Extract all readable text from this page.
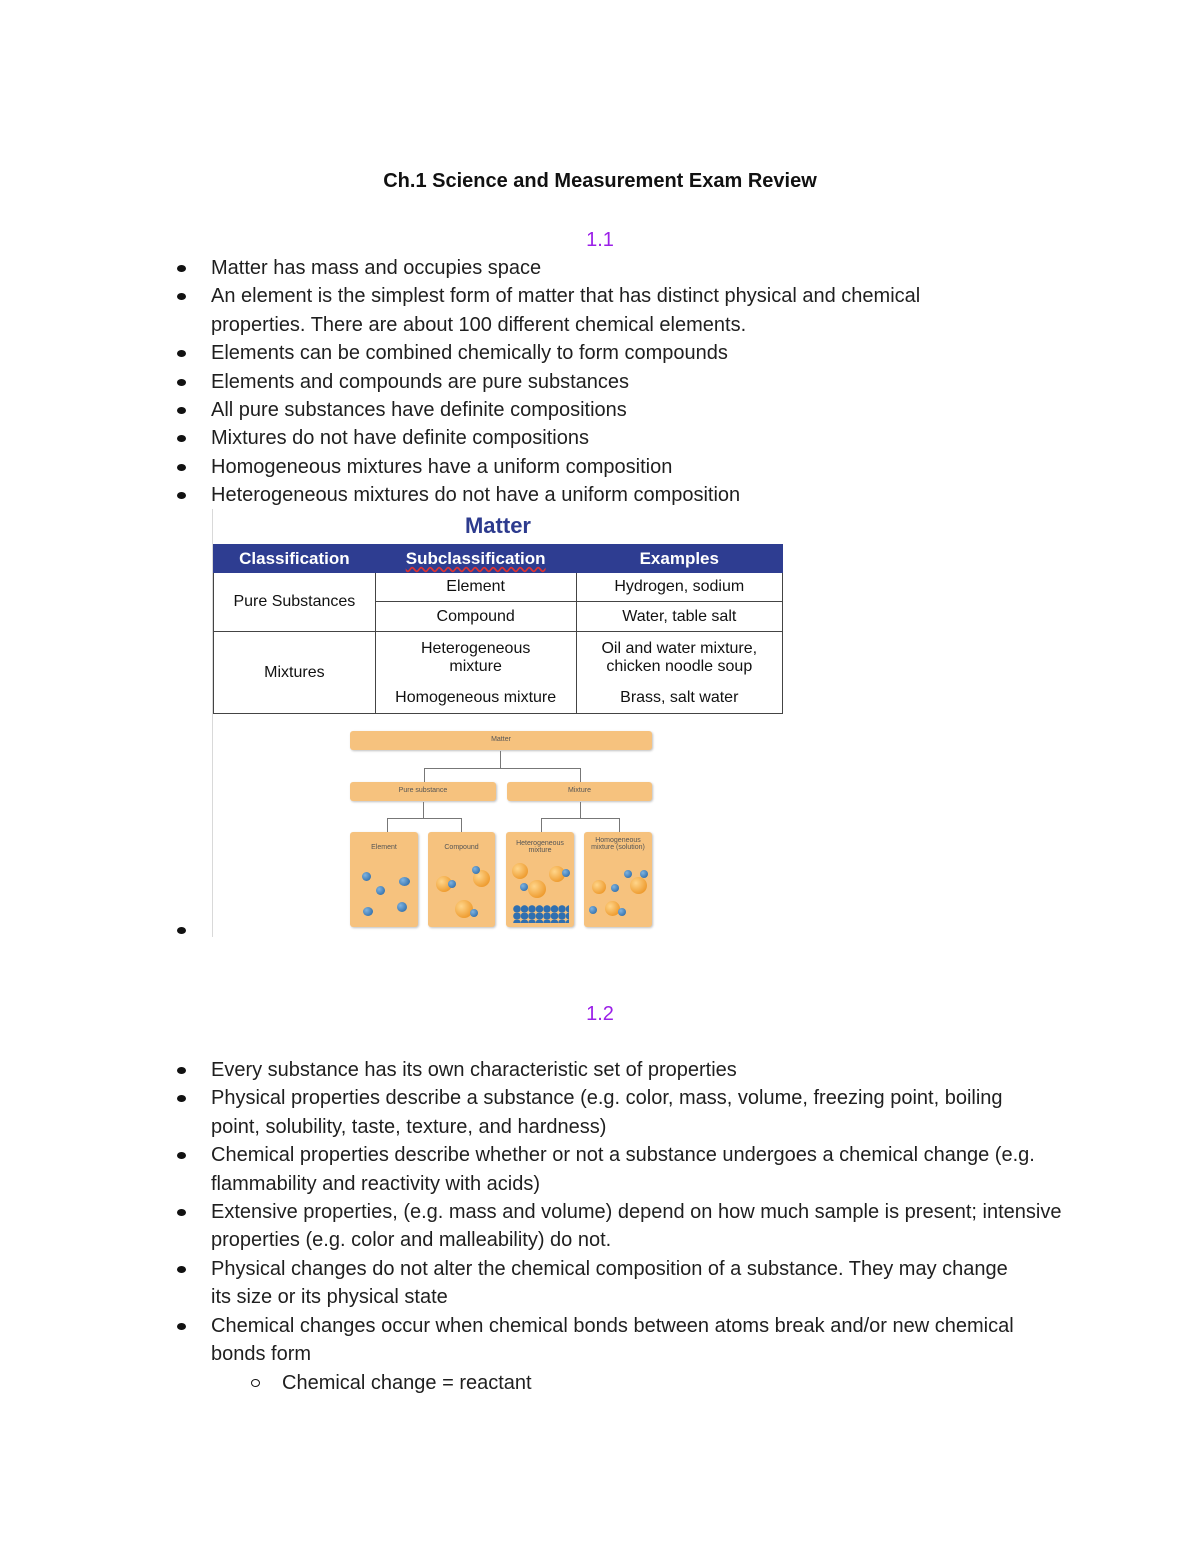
Ch.1 Science and Measurement Exam Review
1.1
Matter has mass and occupies space
An element is the simplest form of matter that has distinct physical and chemical properties. There are about 100 different chemical elements.
Elements can be combined chemically to form compounds
Elements and compounds are pure substances
All pure substances have definite compositions
Mixtures do not have definite compositions
Homogeneous mixtures have a uniform composition
Heterogeneous mixtures do not have a uniform composition
Matter
Classification	Subclassification	Examples
Pure Substances	Element	Hydrogen, sodium
	Compound	Water, table salt
Mixtures	Heterogeneous mixture	Oil and water mixture, chicken noodle soup
	Homogeneous mixture	Brass, salt water
Matter
Pure substance	Mixture
Element	Compound
Heterogeneous mixture
Homogeneous mixture (solution)
1.2
Every substance has its own characteristic set of properties
Physical properties describe a substance (e.g. color, mass, volume, freezing point, boiling point, solubility, taste, texture, and hardness)
Chemical properties describe whether or not a substance undergoes a chemical change (e.g. flammability and reactivity with acids)
Extensive properties, (e.g. mass and volume) depend on how much sample is present; intensive properties (e.g. color and malleability) do not.
Physical changes do not alter the chemical composition of a substance. They may change its size or its physical state
Chemical changes occur when chemical bonds between atoms break and/or new chemical bonds form
Chemical change = reactant
